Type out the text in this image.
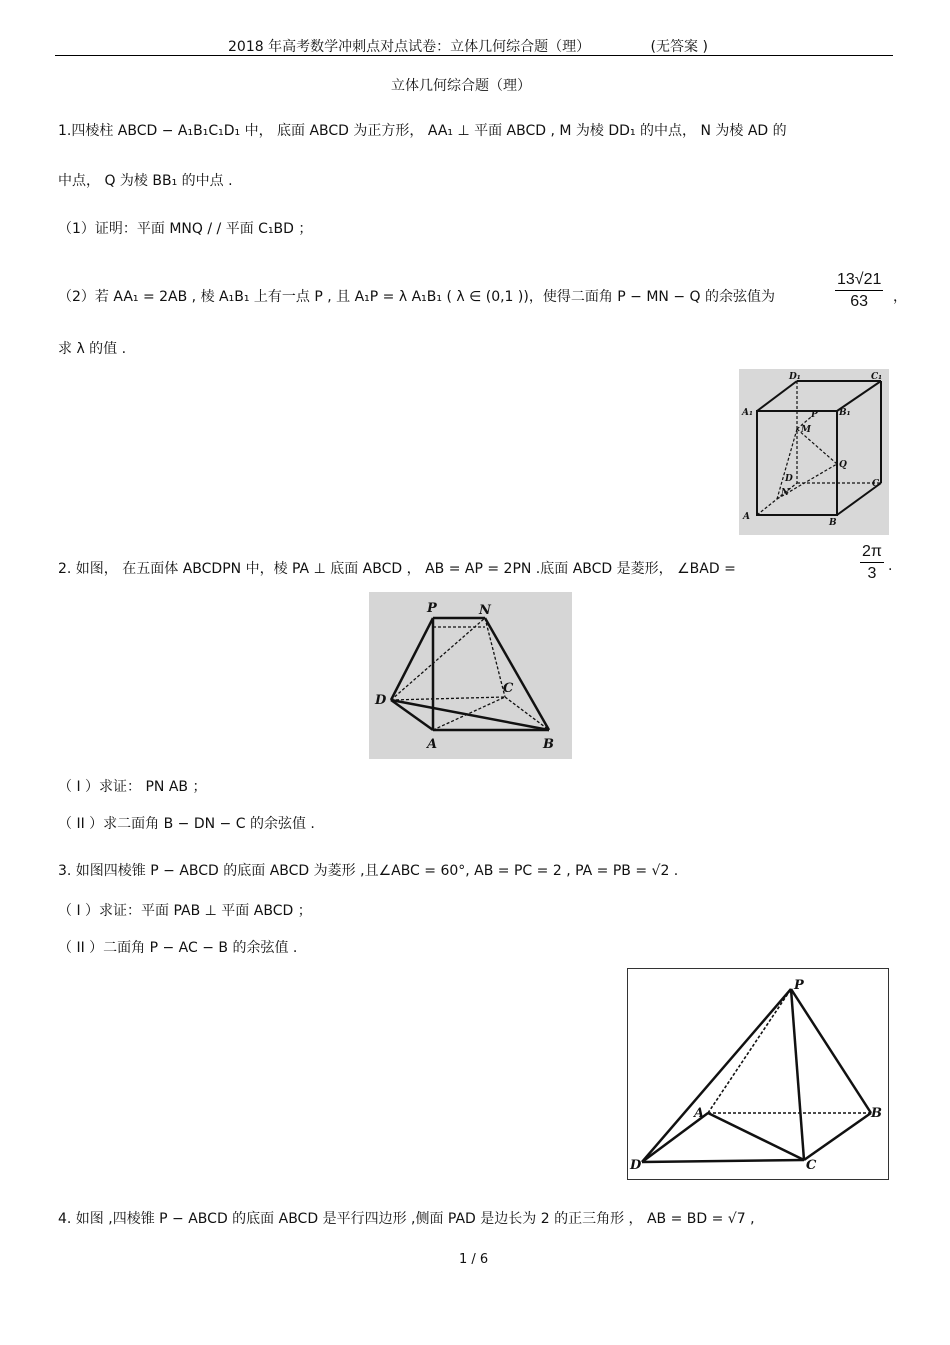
2018 年高考数学冲刺点对点试卷：立体几何综合题（理）	(无答案 )
立体几何综合题（理）
1.四棱柱 ABCD − A₁B₁C₁D₁ 中， 底面 ABCD 为正方形， AA₁ ⊥ 平面 ABCD , M 为棱 DD₁ 的中点， N 为棱 AD 的
中点， Q 为棱 BB₁ 的中点 .
（1）证明：平面 MNQ / / 平面 C₁BD ；
（2）若 AA₁ = 2AB , 棱 A₁B₁ 上有一点 P , 且 A₁P = λ A₁B₁ ( λ ∈ (0,1 ))，使得二面角 P − MN − Q 的余弦值为	$\frac{13√21}{63}$ ，
求 λ 的值 .
D₁	C₁
A₁	P B₁
M
Q
D
N
C
A
B
2. 如图， 在五面体 ABCDPN 中，棱 PA ⊥ 底面 ABCD ， AB = AP = 2PN .底面 ABCD 是菱形， ∠BAD =	$\frac{2\pi}{3}$ .
P	N
D
C
A	B
（ I ）求证： PN AB ；
（ II ）求二面角 B − DN − C 的余弦值 .
3. 如图四棱锥 P − ABCD 的底面 ABCD 为菱形 ,且∠ABC = 60°, AB = PC = 2 , PA = PB = √2 .
（ I ）求证：平面 PAB ⊥ 平面 ABCD ；
（ II ）二面角 P − AC − B 的余弦值 .
P
A	B
D	C
4. 如图 ,四棱锥 P − ABCD 的底面 ABCD 是平行四边形 ,侧面 PAD 是边长为 2 的正三角形 ， AB = BD = √7 ,
1 / 6
